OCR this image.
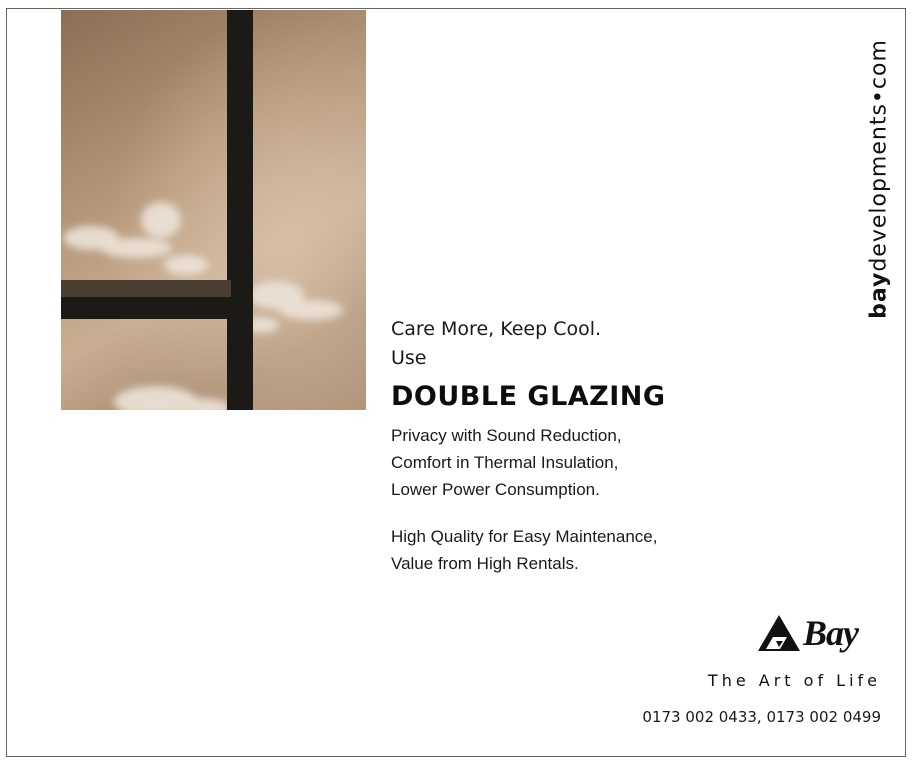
baydevelopments•com
Care More, Keep Cool.
Use
DOUBLE GLAZING
Privacy with Sound Reduction,
Comfort in Thermal Insulation,
Lower Power Consumption.
High Quality for Easy Maintenance,
Value from High Rentals.
Bay
The Art of Life
0173 002 0433, 0173 002 0499
